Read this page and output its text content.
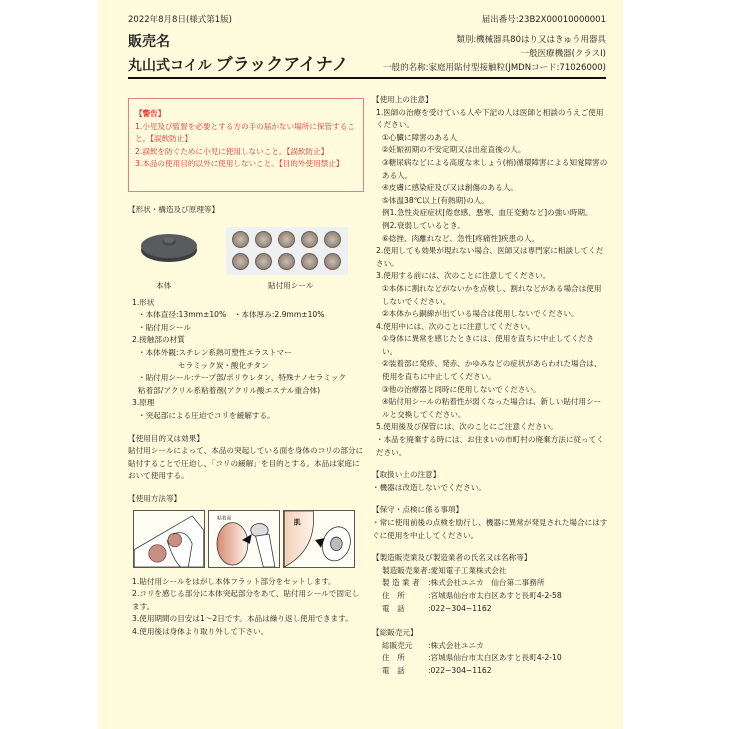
2022年8月8日(様式第1版)	届出番号:23B2X00010000001
販売名
丸山式コイル ブラックアイナノ
類別:機械器具80はり又はきゅう用器具
一般医療機器(クラスⅠ)
一般的名称:家庭用貼付型接触粒(JMDNコード:71026000)
【警告】
1.小児及び監督を必要とする方の手の届かない場所に保管すること。【誤飲防止】
2.誤飲を防ぐために小児に使用しないこと。【誤飲防止】
3.本品の使用目的以外に使用しないこと。【目的外使用禁止】
【形状・構造及び原理等】
本体	貼付用シール
1.形状
・本体直径:13mm±10%　・本体厚み:2.9mm±10%
・貼付用シール
2.接触部の材質
・本体外観:スチレン系熱可塑性エラストマー
セラミック炭・酸化チタン
・貼付用シール:テープ部/ポリウレタン、特殊ナノセラミック
粘着部/アクリル系粘着剤(アクリル酸エステル重合体)
3.原理
・突起部による圧迫でコリを緩解する。
【使用目的又は効果】
貼付用シールによって、本品の突起している面を身体のコリの部分に貼付することで圧迫し、「コリの緩解」を目的とする。本品は家庭において使用する。
【使用方法等】
粘着面	肌
1.貼付用シールをはがし本体フラット部分をセットします。
2.コリを感じる部分に本体突起部分をあて、貼付用シールで固定します。
3.使用期間の目安は1〜2日です。本品は繰り返し使用できます。
4.使用後は身体より取り外して下さい。
【使用上の注意】
1.医師の治療を受けている人や下記の人は医師と相談のうえご使用ください。
①心臓に障害のある人
②妊娠初期の不安定期又は出産直後の人。
③糖尿病などによる高度な末しょう(梢)循環障害による知覚障害のある人。
④皮膚に感染症及び又は創傷のある人。
⑤体温38℃以上(有熱期)の人。
例1.急性炎症症状[倦怠感、悪寒、血圧変動など]の強い時期。
例2.衰弱しているとき。
⑥捻挫、肉離れなど、急性[疼痛性]疾患の人。
2.使用しても効果が現れない場合、医師又は専門家に相談してください。
3.使用する前には、次のことに注意してください。
①本体に割れなどがないかを点検し、割れなどがある場合は使用しないでください。
②本体から銅線が出ている場合は使用しないでください。
4.使用中には、次のことに注意してください。
①身体に異常を感じたときには、使用を直ちに中止してください。
②装着部に発疹、発赤、かゆみなどの症状があらわれた場合は、使用を直ちに中止してください。
③他の治療器と同時に使用しないでください。
④貼付用シールの粘着性が弱くなった場合は、新しい貼付用シールと交換してください。
5.使用後及び保管には、次のことにご注意ください。
・本品を廃棄する時には、お住まいの市町村の廃棄方法に従ってください。
【取扱い上の注意】
・機器は改造しないでください。
【保守・点検に係る事項】
・常に使用前後の点検を励行し、機器に異常が発見された場合にはすぐに使用を中止してください。
【製造販売業及び製造業者の氏名又は名称等】
製造販売業者 :愛知電子工業株式会社
製 造 業 者	:株式会社ユニカ　仙台第二事務所
住　所	:宮城県仙台市太白区あすと長町4-2-58
電　話	:022−304−1162
【総販売元】
総販売元	:株式会社ユニカ
住　所	:宮城県仙台市太白区あすと長町4-2-10
電　話	:022−304−1162
